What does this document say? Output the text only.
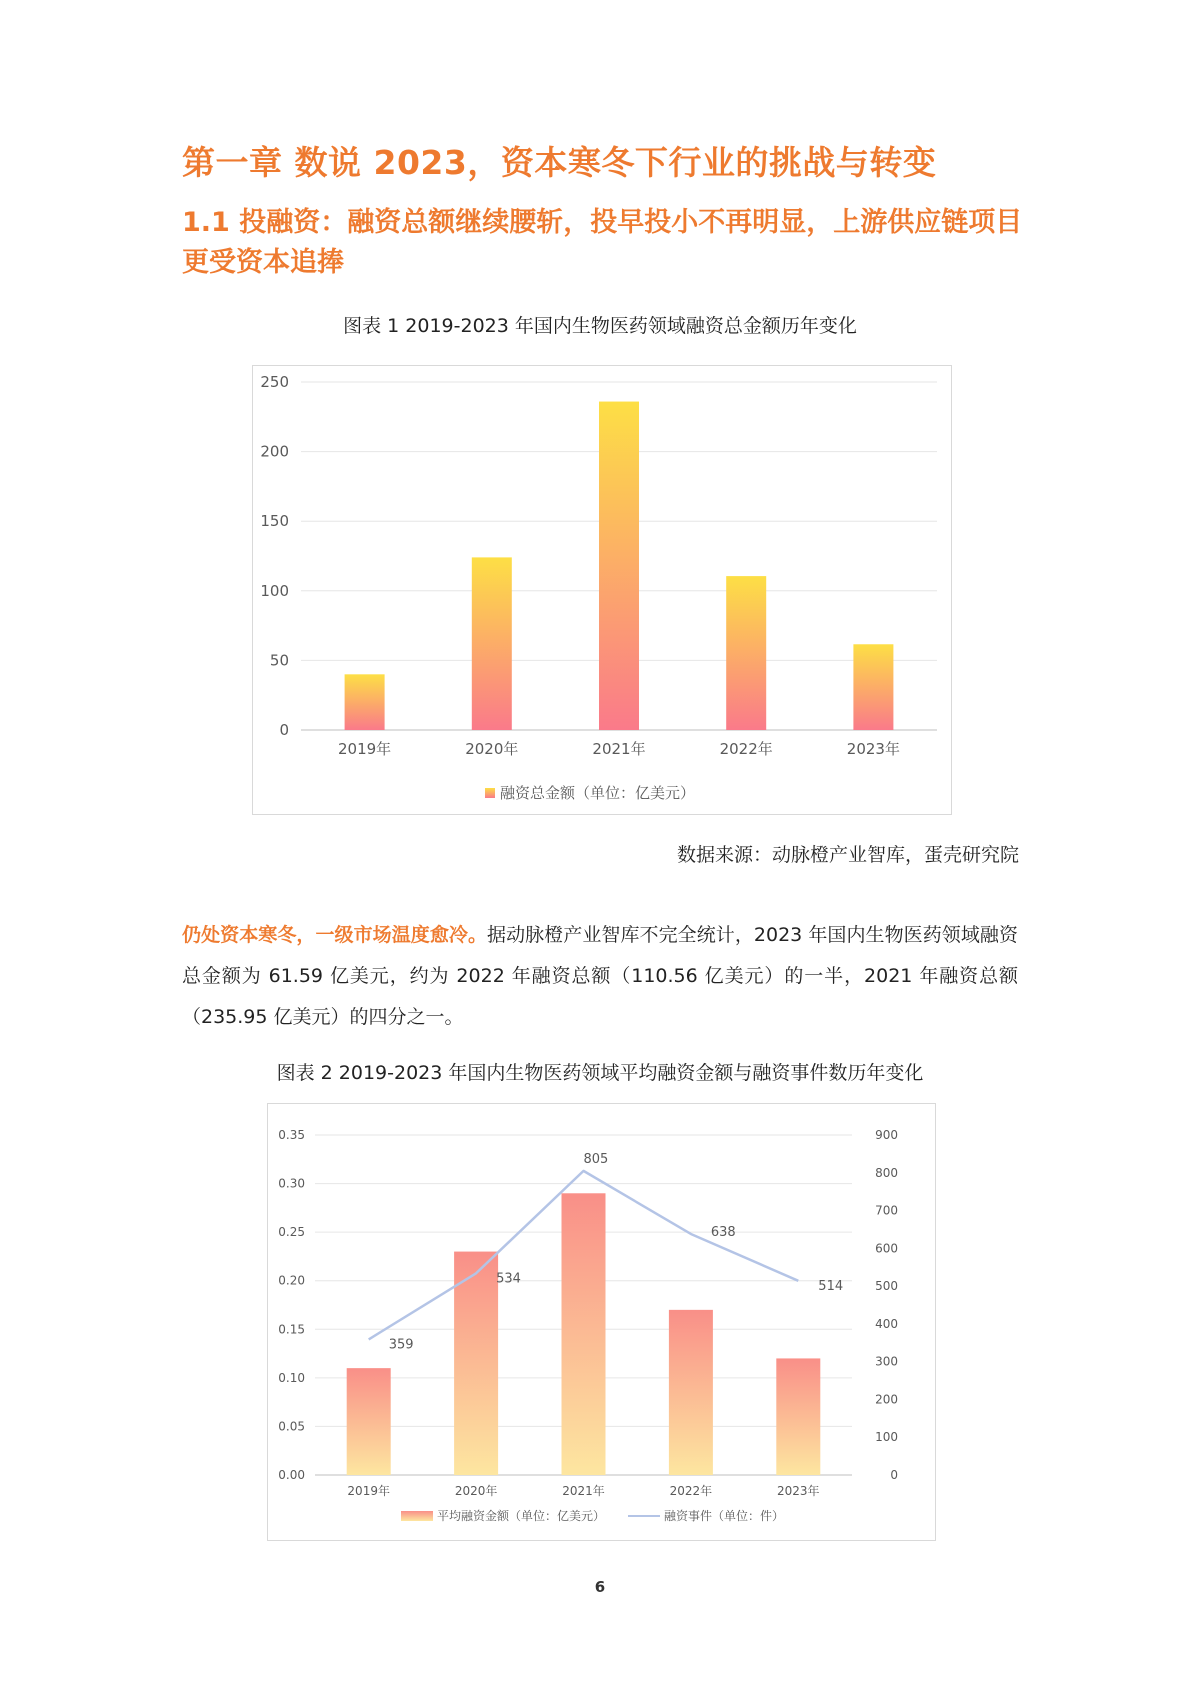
第一章 数说 2023，资本寒冬下行业的挑战与转变
1.1 投融资：融资总额继续腰斩，投早投小不再明显，上游供应链项目更受资本追捧
图表 1 2019-2023 年国内生物医药领域融资总金额历年变化
2019年	2020年	2021年	2022年	2023年
0
50
100
150
200
250
融资总金额（单位：亿美元）
数据来源：动脉橙产业智库，蛋壳研究院
仍处资本寒冬，一级市场温度愈冷。据动脉橙产业智库不完全统计，2023 年国内生物医药领域融资总金额为 61.59 亿美元，约为 2022 年融资总额（110.56 亿美元）的一半，2021 年融资总额（235.95 亿美元）的四分之一。
图表 2 2019-2023 年国内生物医药领域平均融资金额与融资事件数历年变化
359
534
805
638
514
2019年	2020年	2021年	2022年	2023年
0.00
0.05
0.10
0.15
0.20
0.25
0.30
0.35
0
100
200
300
400
500
600
700
800
900
平均融资金额（单位：亿美元）	融资事件（单位：件）
6
